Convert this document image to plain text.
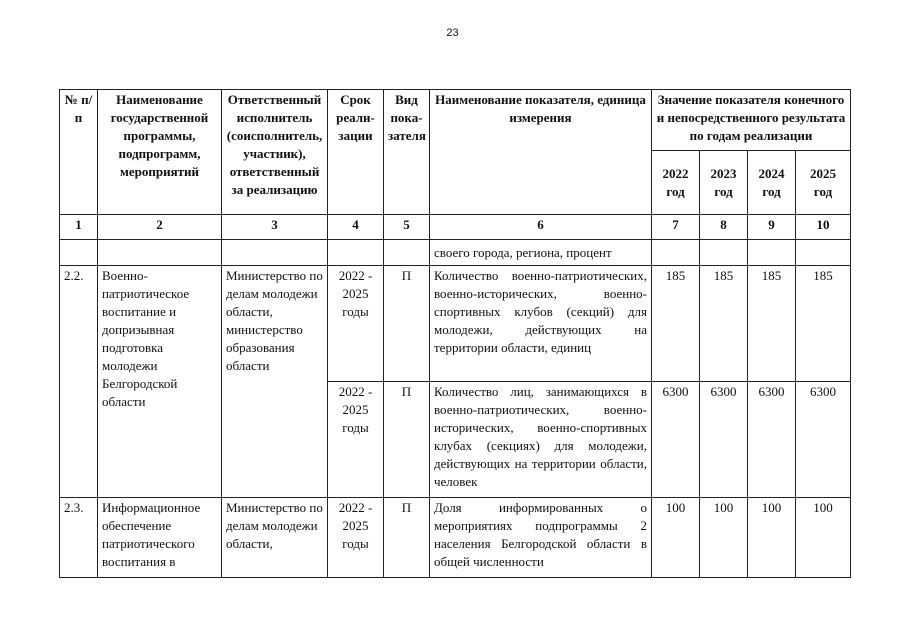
23
№ п/п	Наименование государственной программы, подпрограмм, мероприятий	Ответственный исполнитель (соисполнитель, участник), ответственный за реализацию	Срок реали-зации	Вид пока-зателя	Наименование показателя, единица измерения	Значение показателя конечного и непосредственного результата по годам реализации			
						2022 год	2023 год	2024 год	2025 год
1	2	3	4	5	6	7	8	9	10
					своего города, региона, процент				
2.2.	Военно-патриотическое воспитание и допризывная подготовка молодежи Белгородской области	Министерство по делам молодежи области, министерство образования области	2022 - 2025 годы	П	Количество военно-патриотических, военно-исторических, военно-спортивных клубов (секций) для молодежи, действующих на территории области, единиц	185	185	185	185
			2022 - 2025 годы	П	Количество лиц, занимающихся в военно-патриотических, военно-исторических, военно-спортивных клубах (секциях) для молодежи, действующих на территории области, человек	6300	6300	6300	6300
2.3.	Информационное обеспечение патриотического воспитания в	Министерство по делам молодежи области,	2022 - 2025 годы	П	Доля информированных о мероприятиях подпрограммы 2 населения Белгородской области в общей численности	100	100	100	100
